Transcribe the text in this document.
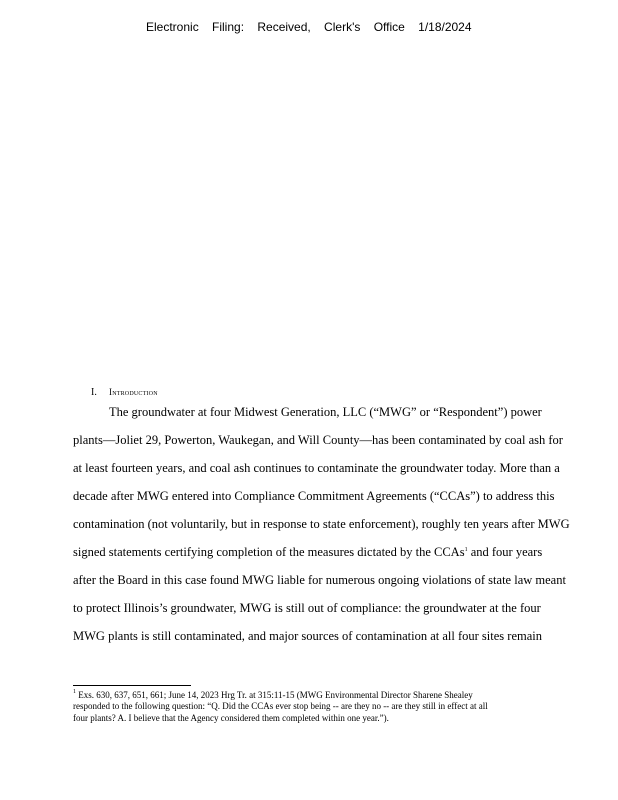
Electronic Filing: Received, Clerk's Office 1/18/2024
I. Introduction
The groundwater at four Midwest Generation, LLC (“MWG” or “Respondent”) power
plants—Joliet 29, Powerton, Waukegan, and Will County—has been contaminated by coal ash for
at least fourteen years, and coal ash continues to contaminate the groundwater today. More than a
decade after MWG entered into Compliance Commitment Agreements (“CCAs”) to address this
contamination (not voluntarily, but in response to state enforcement), roughly ten years after MWG
signed statements certifying completion of the measures dictated by the CCAs$^1$ and four years
after the Board in this case found MWG liable for numerous ongoing violations of state law meant
to protect Illinois’s groundwater, MWG is still out of compliance: the groundwater at the four
MWG plants is still contaminated, and major sources of contamination at all four sites remain
$^1$ Exs. 630, 637, 651, 661; June 14, 2023 Hrg Tr. at 315:11-15 (MWG Environmental Director Sharene Shealey
responded to the following question: “Q. Did the CCAs ever stop being -- are they no -- are they still in effect at all
four plants? A. I believe that the Agency considered them completed within one year.”).
